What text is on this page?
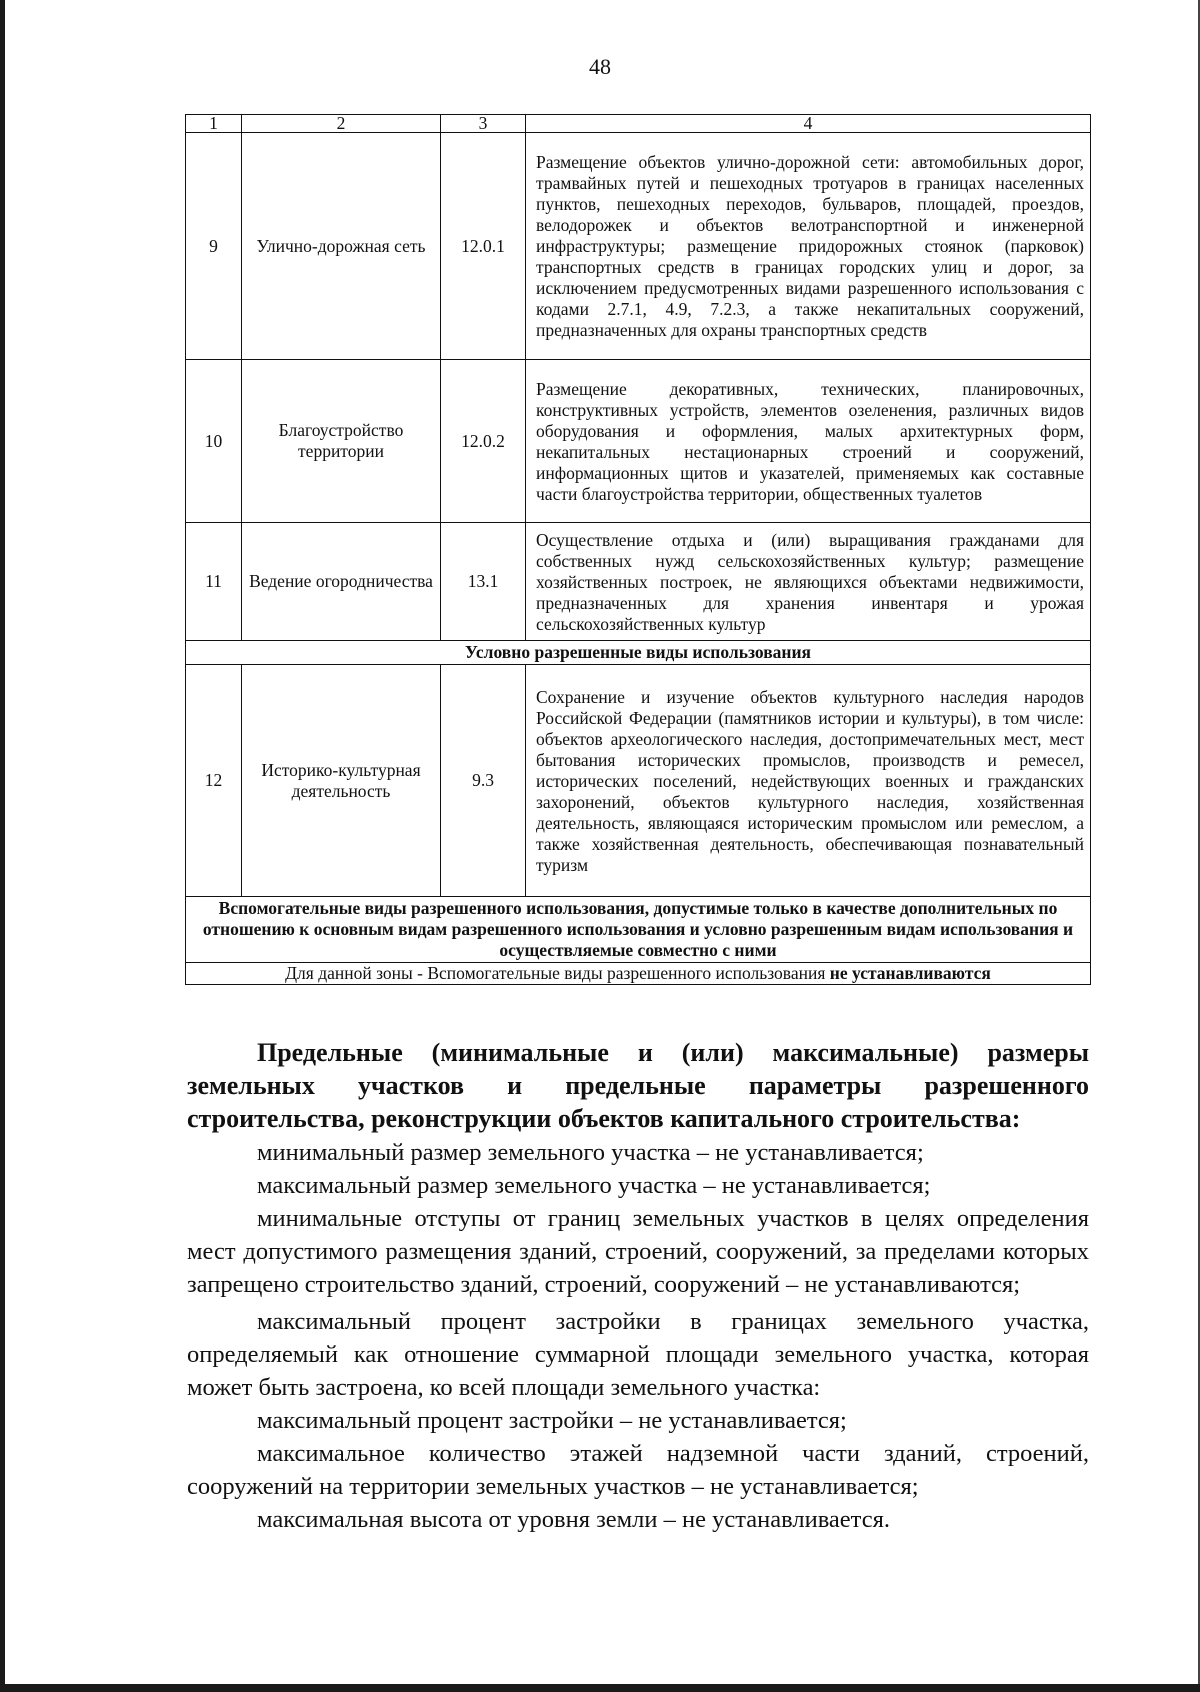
48
1	2	3	4
9	Улично-дорожная сеть	12.0.1	Размещение объектов улично-дорожной сети: автомобильных дорог, трамвайных путей и пешеходных тротуаров в границах населенных пунктов, пешеходных переходов, бульваров, площадей, проездов, велодорожек и объектов велотранспортной и инженерной инфраструктуры; размещение придорожных стоянок (парковок) транспортных средств в границах городских улиц и дорог, за исключением предусмотренных видами разрешенного использования с кодами 2.7.1, 4.9, 7.2.3, а также некапитальных сооружений, предназначенных для охраны транспортных средств
10	Благоустройство территории	12.0.2	Размещение декоративных, технических, планировочных, конструктивных устройств, элементов озеленения, различных видов оборудования и оформления, малых архитектурных форм, некапитальных нестационарных строений и сооружений, информационных щитов и указателей, применяемых как составные части благоустройства территории, общественных туалетов
11	Ведение огородничества	13.1	Осуществление отдыха и (или) выращивания гражданами для собственных нужд сельскохозяйственных культур; размещение хозяйственных построек, не являющихся объектами недвижимости, предназначенных для хранения инвентаря и урожая сельскохозяйственных культур
Условно разрешенные виды использования			
12	Историко-культурная деятельность	9.3	Сохранение и изучение объектов культурного наследия народов Российской Федерации (памятников истории и культуры), в том числе: объектов археологического наследия, достопримечательных мест, мест бытования исторических промыслов, производств и ремесел, исторических поселений, недействующих военных и гражданских захоронений, объектов культурного наследия, хозяйственная деятельность, являющаяся историческим промыслом или ремеслом, а также хозяйственная деятельность, обеспечивающая познавательный туризм
Вспомогательные виды разрешенного использования, допустимые только в качестве дополнительных по отношению к основным видам разрешенного использования и условно разрешенным видам использования и осуществляемые совместно с ними			
Для данной зоны - Вспомогательные виды разрешенного использования не устанавливаются			
Предельные (минимальные и (или) максимальные) размеры земельных участков и предельные параметры разрешенного строительства, реконструкции объектов капитального строительства:

минимальный размер земельного участка – не устанавливается;

максимальный размер земельного участка – не устанавливается;

минимальные отступы от границ земельных участков в целях определения мест допустимого размещения зданий, строений, сооружений, за пределами которых запрещено строительство зданий, строений, сооружений – не устанавливаются;

максимальный процент застройки в границах земельного участка, определяемый как отношение суммарной площади земельного участка, которая может быть застроена, ко всей площади земельного участка:

максимальный процент застройки – не устанавливается;

максимальное количество этажей надземной части зданий, строений, сооружений на территории земельных участков – не устанавливается;

максимальная высота от уровня земли – не устанавливается.
